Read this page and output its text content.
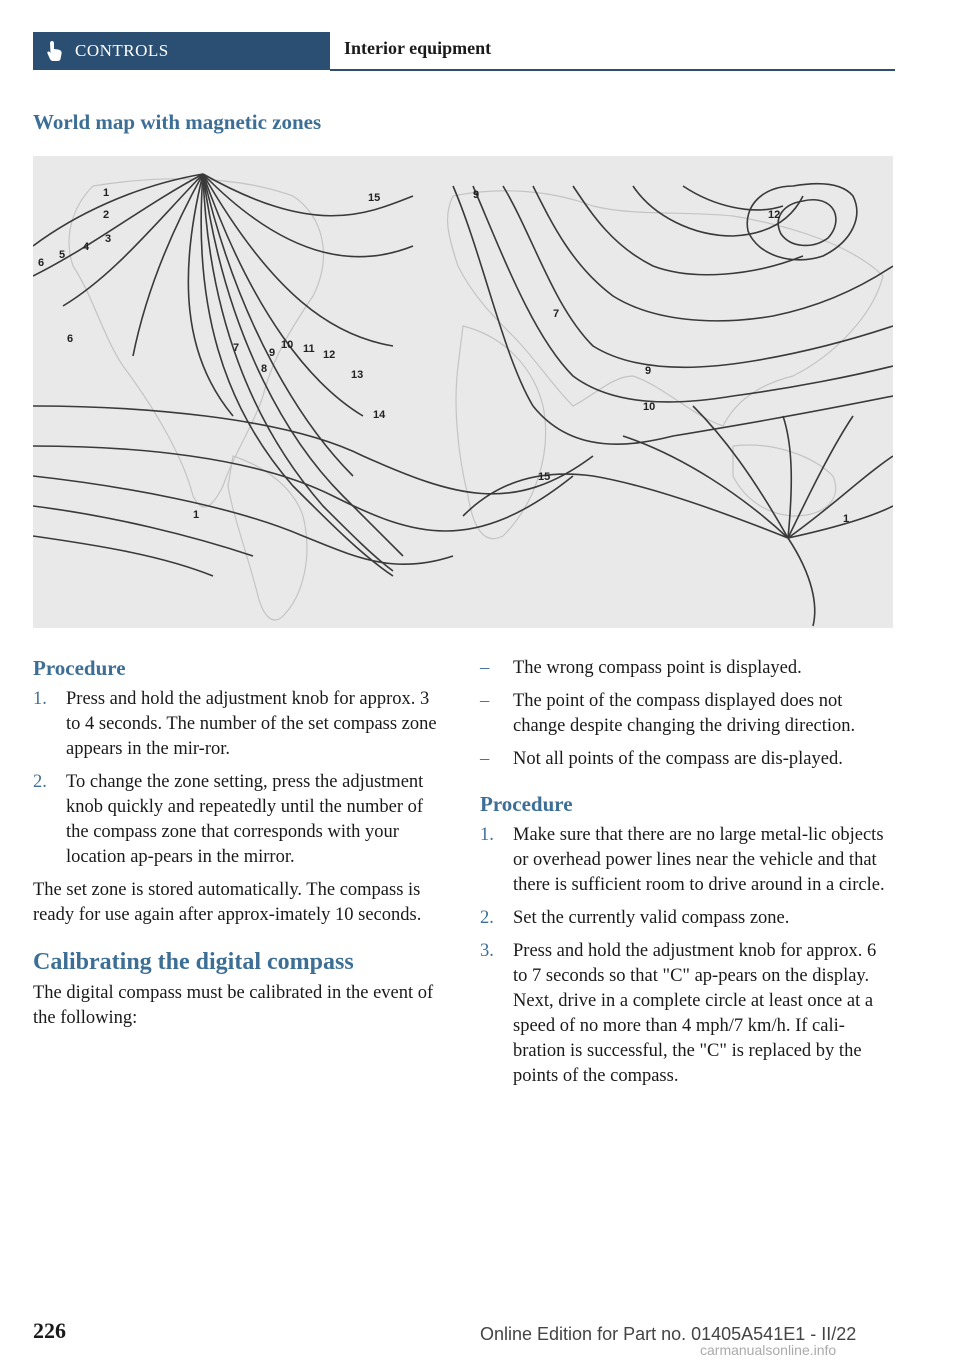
CONTROLS	Interior equipment
World map with magnetic zones
1
2
3
4
5
6
7
8
9
10 11 12
13
14
15
12
9
7
9
10
15
1	1
6
Procedure
1.	Press and hold the adjustment knob for approx. 3 to 4 seconds. The number of the set compass zone appears in the mir-ror.
2.	To change the zone setting, press the adjustment knob quickly and repeatedly until the number of the compass zone that corresponds with your location ap-pears in the mirror.

The set zone is stored automatically. The compass is ready for use again after approx-imately 10 seconds.

Calibrating the digital compass

The digital compass must be calibrated in the event of the following:

–	The wrong compass point is displayed.
–	The point of the compass displayed does not change despite changing the driving direction.
–	Not all points of the compass are dis-played.
Procedure
1.	Make sure that there are no large metal-lic objects or overhead power lines near the vehicle and that there is sufficient room to drive around in a circle.
2.	Set the currently valid compass zone.
3.	Press and hold the adjustment knob for approx. 6 to 7 seconds so that "C" ap-pears on the display. Next, drive in a complete circle at least once at a speed of no more than 4 mph/7 km/h. If cali-bration is successful, the "C" is replaced by the points of the compass.
226	Online Edition for Part no. 01405A541E1 - II/22
carmanualsonline.info
